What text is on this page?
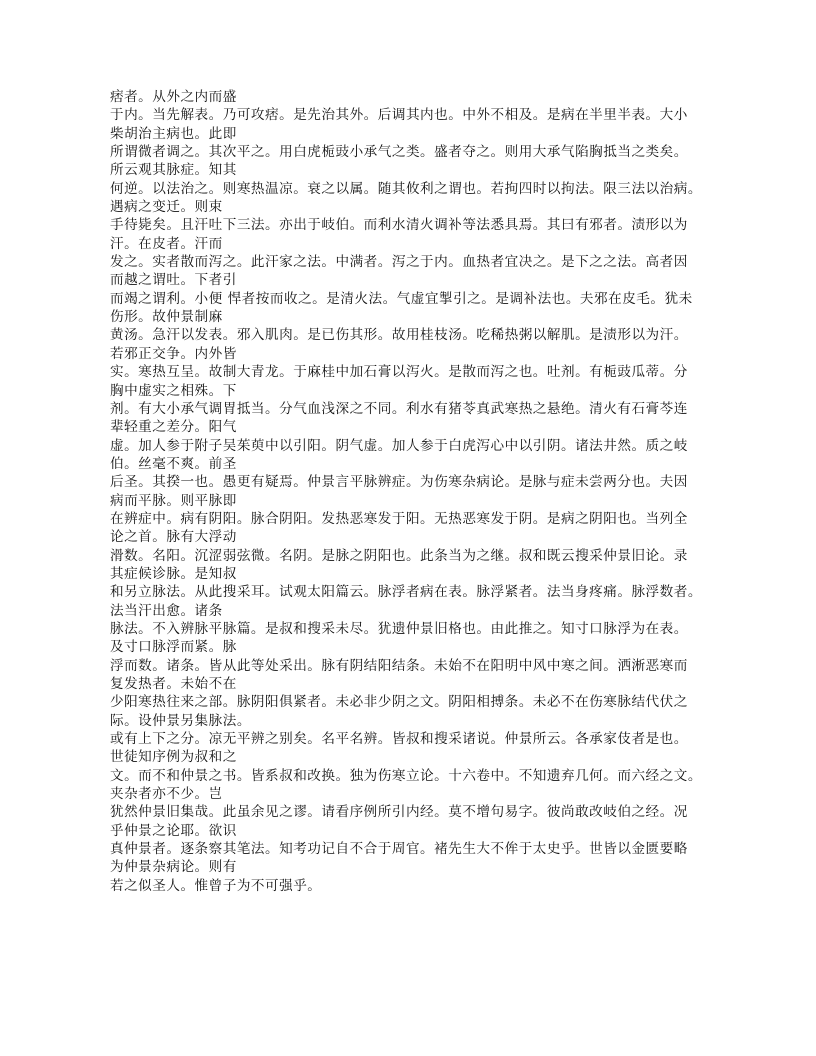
痞者。从外之内而盛
于内。当先解表。乃可攻痞。是先治其外。后调其内也。中外不相及。是病在半里半表。大小
柴胡治主病也。此即
所谓微者调之。其次平之。用白虎栀豉小承气之类。盛者夺之。则用大承气陷胸抵当之类矣。
所云观其脉症。知其
何逆。以法治之。则寒热温凉。衰之以属。随其攸利之谓也。若拘四时以拘法。限三法以治病。
遇病之变迁。则束
手待毙矣。且汗吐下三法。亦出于岐伯。而利水清火调补等法悉具焉。其曰有邪者。渍形以为
汗。在皮者。汗而
发之。实者散而泻之。此汗家之法。中满者。泻之于内。血热者宜决之。是下之之法。高者因
而越之谓吐。下者引
而竭之谓利。小便 悍者按而收之。是清火法。气虚宜掣引之。是调补法也。夫邪在皮毛。犹未
伤形。故仲景制麻
黄汤。急汗以发表。邪入肌肉。是已伤其形。故用桂枝汤。吃稀热粥以解肌。是渍形以为汗。
若邪正交争。内外皆
实。寒热互呈。故制大青龙。于麻桂中加石膏以泻火。是散而泻之也。吐剂。有栀豉瓜蒂。分
胸中虚实之相殊。下
剂。有大小承气调胃抵当。分气血浅深之不同。利水有猪苓真武寒热之悬绝。清火有石膏芩连
辈轻重之差分。阳气
虚。加人参于附子吴茱萸中以引阳。阴气虚。加人参于白虎泻心中以引阴。诸法井然。质之岐
伯。丝毫不爽。前圣
后圣。其揆一也。愚更有疑焉。仲景言平脉辨症。为伤寒杂病论。是脉与症未尝两分也。夫因
病而平脉。则平脉即
在辨症中。病有阴阳。脉合阴阳。发热恶寒发于阳。无热恶寒发于阴。是病之阴阳也。当列全
论之首。脉有大浮动
滑数。名阳。沉涩弱弦微。名阴。是脉之阴阳也。此条当为之继。叔和既云搜采仲景旧论。录
其症候诊脉。是知叔
和另立脉法。从此搜采耳。试观太阳篇云。脉浮者病在表。脉浮紧者。法当身疼痛。脉浮数者。
法当汗出愈。诸条
脉法。不入辨脉平脉篇。是叔和搜采未尽。犹遗仲景旧格也。由此推之。知寸口脉浮为在表。
及寸口脉浮而紧。脉
浮而数。诸条。皆从此等处采出。脉有阴结阳结条。未始不在阳明中风中寒之间。洒淅恶寒而
复发热者。未始不在
少阳寒热往来之部。脉阴阳俱紧者。未必非少阴之文。阴阳相搏条。未必不在伤寒脉结代伏之
际。设仲景另集脉法。
或有上下之分。凉无平辨之别矣。名平名辨。皆叔和搜采诸说。仲景所云。各承家伎者是也。
世徒知序例为叔和之
文。而不和仲景之书。皆系叔和改换。独为伤寒立论。十六卷中。不知遗弃几何。而六经之文。
夹杂者亦不少。岂
犹然仲景旧集哉。此虽余见之谬。请看序例所引内经。莫不增句易字。彼尚敢改岐伯之经。况
乎仲景之论耶。欲识
真仲景者。逐条察其笔法。知考功记自不合于周官。褚先生大不侔于太史乎。世皆以金匮要略
为仲景杂病论。则有
若之似圣人。惟曾子为不可强乎。
